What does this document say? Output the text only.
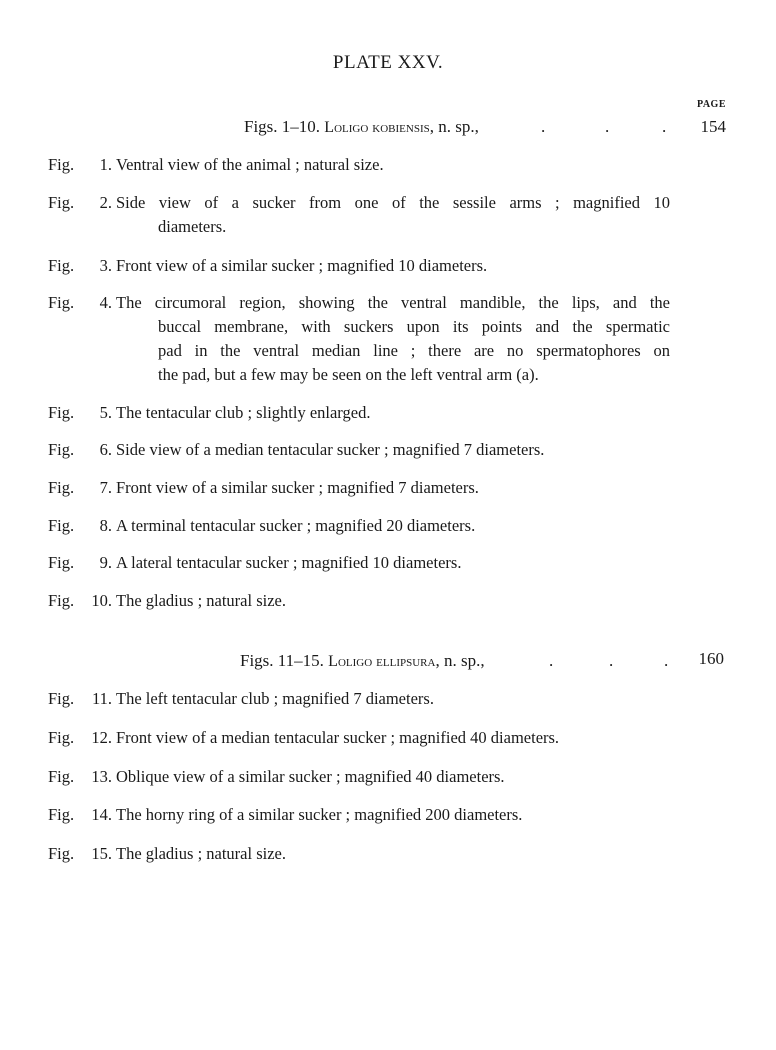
PLATE XXV.
PAGE
Figs. 1–10. Loligo kobiensis, n. sp.,	.	.	.	154
Fig.	1. Ventral view of the animal ; natural size.
Fig.	2. Side view of a sucker from one of the sessile arms ; magnified 10
diameters.
Fig.	3. Front view of a similar sucker ; magnified 10 diameters.
Fig.	4. The circumoral region, showing the ventral mandible, the lips, and the
buccal membrane, with suckers upon its points and the spermatic
pad in the ventral median line ; there are no spermatophores on
the pad, but a few may be seen on the left ventral arm (a).
Fig.	5. The tentacular club ; slightly enlarged.
Fig.	6. Side view of a median tentacular sucker ; magnified 7 diameters.
Fig.	7. Front view of a similar sucker ; magnified 7 diameters.
Fig.	8. A terminal tentacular sucker ; magnified 20 diameters.
Fig.	9. A lateral tentacular sucker ; magnified 10 diameters.
Fig.	10. The gladius ; natural size.
Figs. 11–15. Loligo ellipsura, n. sp.,	.	.	.	160
Fig.	11. The left tentacular club ; magnified 7 diameters.
Fig.	12. Front view of a median tentacular sucker ; magnified 40 diameters.
Fig.	13. Oblique view of a similar sucker ; magnified 40 diameters.
Fig.	14. The horny ring of a similar sucker ; magnified 200 diameters.
Fig.	15. The gladius ; natural size.
